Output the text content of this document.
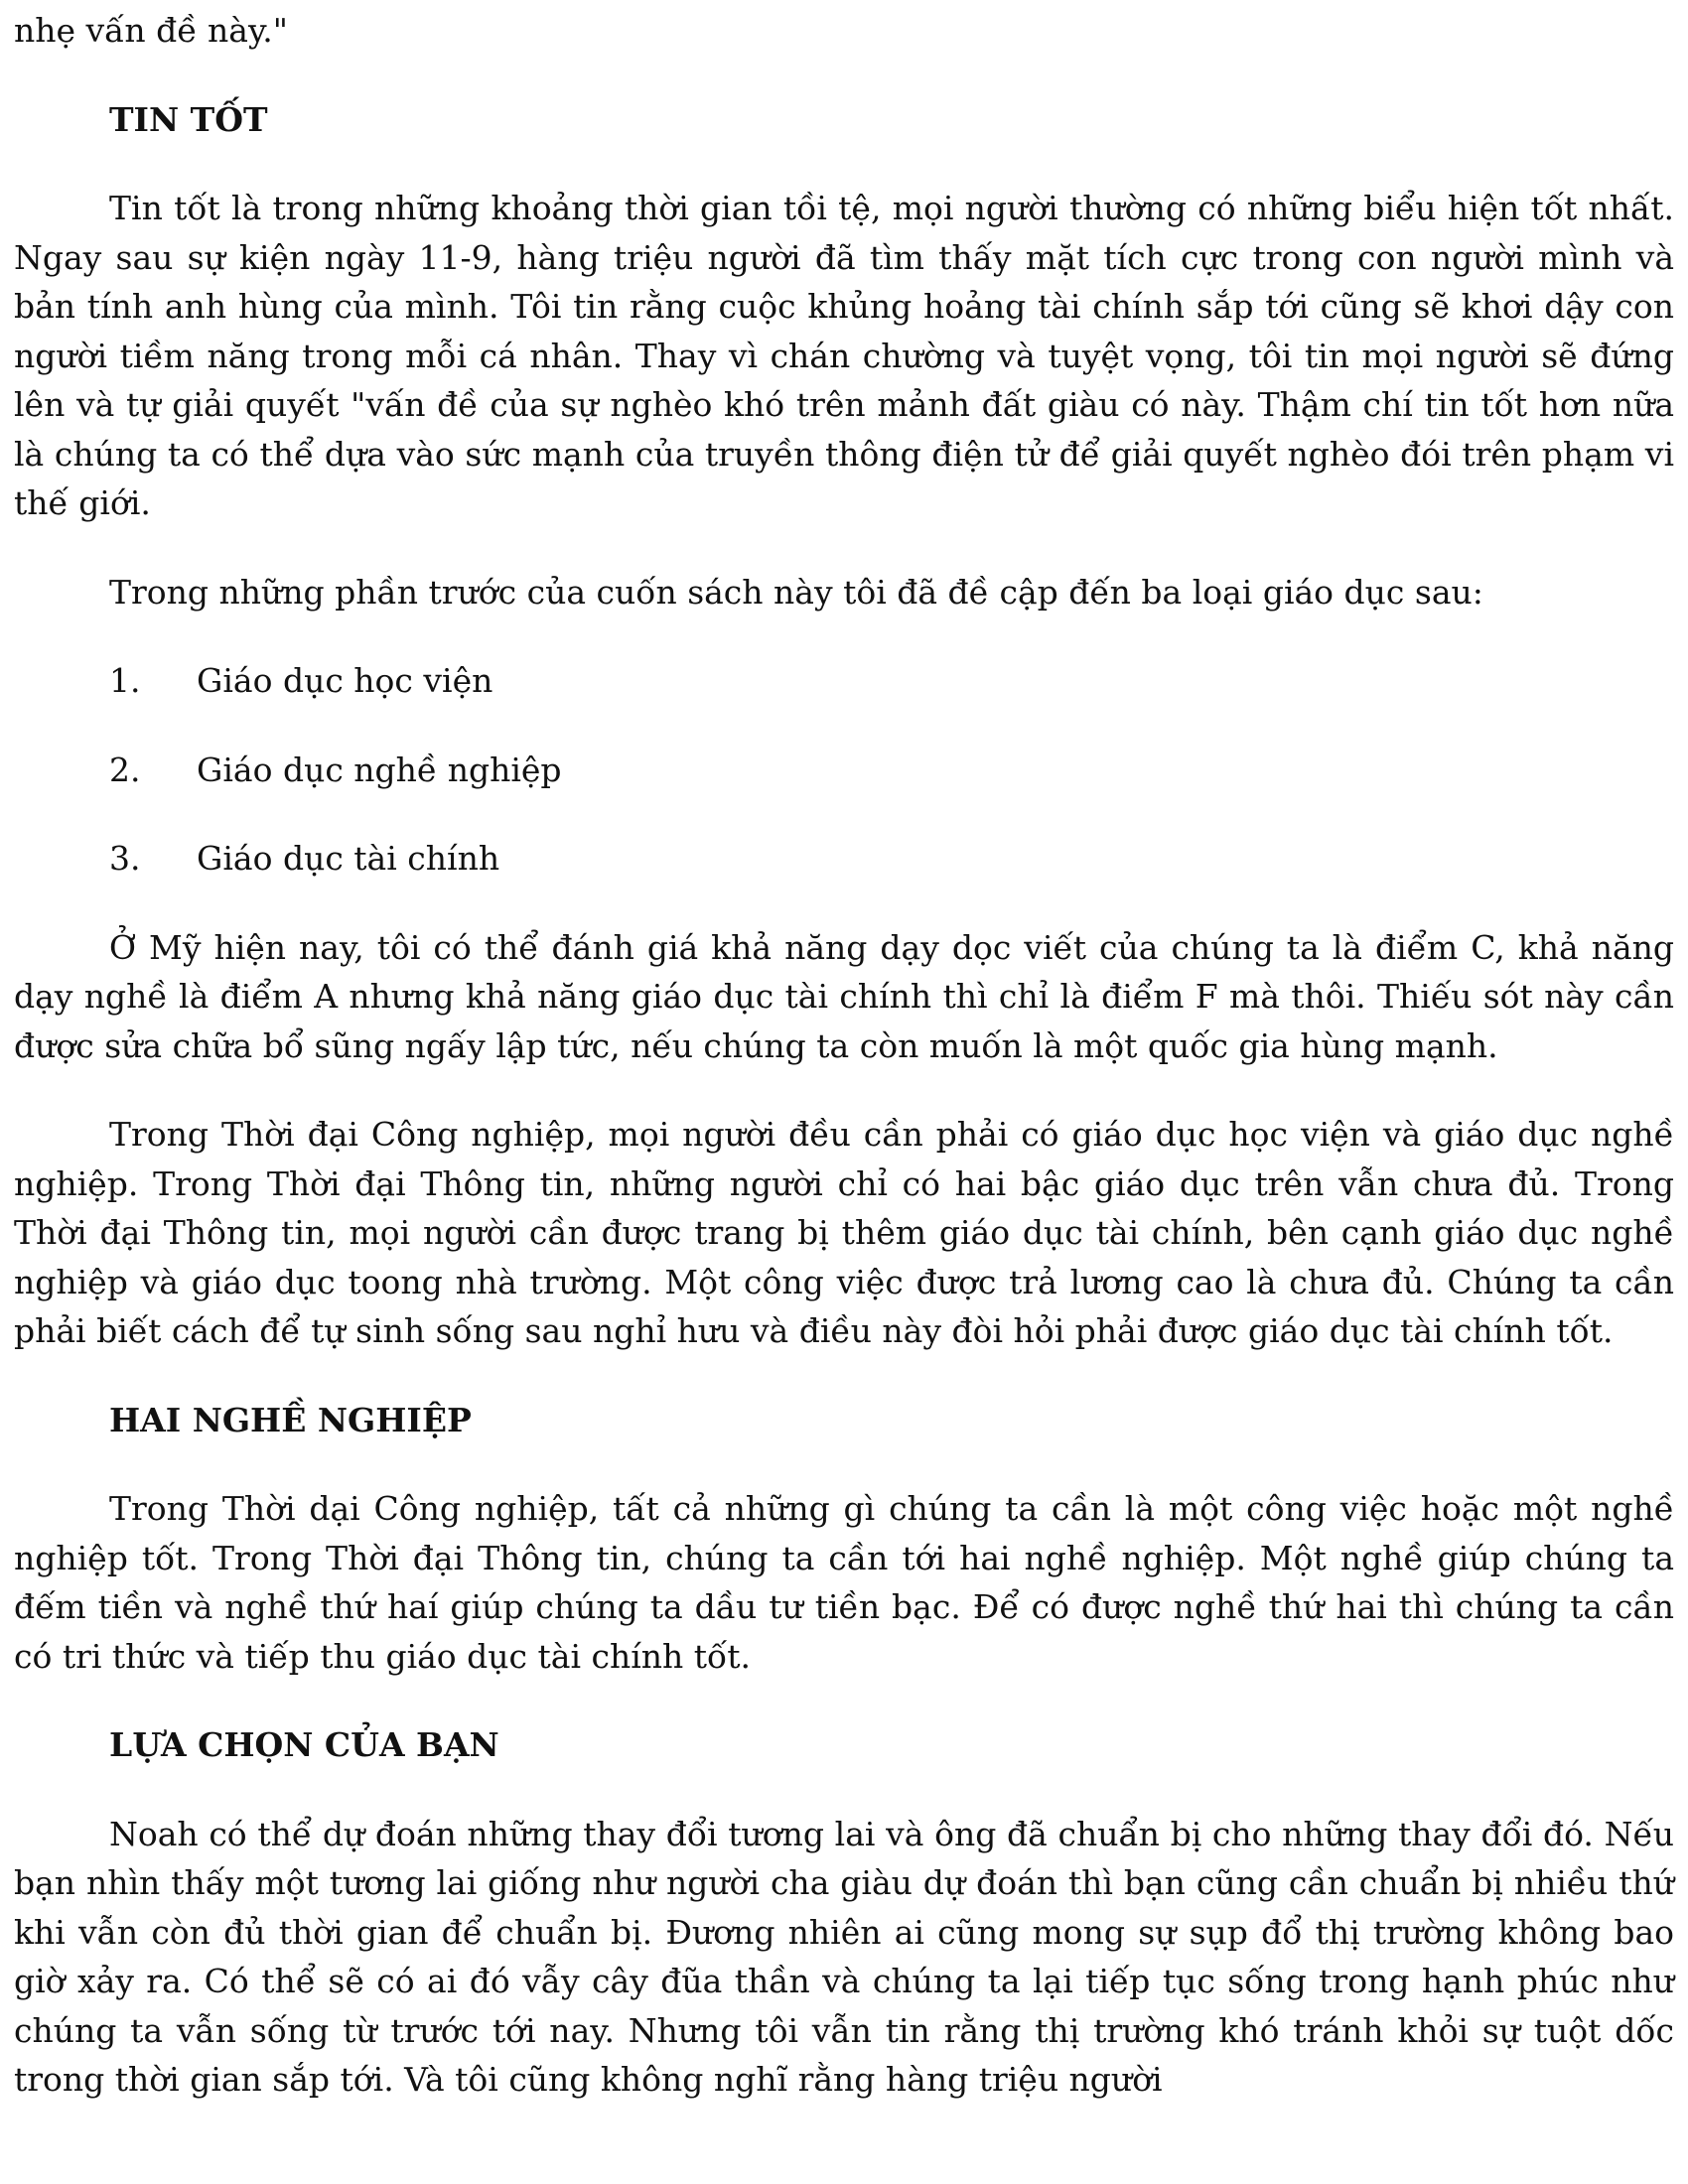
nhẹ vấn đề này."

TIN TỐT

Tin tốt là trong những khoảng thời gian tồi tệ, mọi người thường có những biểu hiện tốt nhất. Ngay sau sự kiện ngày 11-9, hàng triệu người đã tìm thấy mặt tích cực trong con người mình và bản tính anh hùng của mình. Tôi tin rằng cuộc khủng hoảng tài chính sắp tới cũng sẽ khơi dậy con người tiềm năng trong mỗi cá nhân. Thay vì chán chường và tuyệt vọng, tôi tin mọi người sẽ đứng lên và tự giải quyết "vấn đề của sự nghèo khó trên mảnh đất giàu có này. Thậm chí tin tốt hơn nữa là chúng ta có thể dựa vào sức mạnh của truyền thông điện tử để giải quyết nghèo đói trên phạm vi thế giới.

Trong những phần trước của cuốn sách này tôi đã đề cập đến ba loại giáo dục sau:

1.	Giáo dục học viện
2.	Giáo dục nghề nghiệp
3.	Giáo dục tài chính

Ở Mỹ hiện nay, tôi có thể đánh giá khả năng dạy dọc viết của chúng ta là điểm C, khả năng dạy nghề là điểm A nhưng khả năng giáo dục tài chính thì chỉ là điểm F mà thôi. Thiếu sót này cần được sửa chữa bổ sũng ngấy lập tức, nếu chúng ta còn muốn là một quốc gia hùng mạnh.

Trong Thời đại Công nghiệp, mọi người đều cần phải có giáo dục học viện và giáo dục nghề nghiệp. Trong Thời đại Thông tin, những người chỉ có hai bậc giáo dục trên vẫn chưa đủ. Trong Thời đại Thông tin, mọi người cần được trang bị thêm giáo dục tài chính, bên cạnh giáo dục nghề nghiệp và giáo dục toong nhà trường. Một công việc được trả lương cao là chưa đủ. Chúng ta cần phải biết cách để tự sinh sống sau nghỉ hưu và điều này đòi hỏi phải được giáo dục tài chính tốt.

HAI NGHỀ NGHIỆP

Trong Thời dại Công nghiệp, tất cả những gì chúng ta cần là một công việc hoặc một nghề nghiệp tốt. Trong Thời đại Thông tin, chúng ta cần tới hai nghề nghiệp. Một nghề giúp chúng ta đếm tiền và nghề thứ haí giúp chúng ta dầu tư tiền bạc. Để có được nghề thứ hai thì chúng ta cần có tri thức và tiếp thu giáo dục tài chính tốt.

LỰA CHỌN CỦA BẠN

Noah có thể dự đoán những thay đổi tương lai và ông đã chuẩn bị cho những thay đổi đó. Nếu bạn nhìn thấy một tương lai giống như người cha giàu dự đoán thì bạn cũng cần chuẩn bị nhiều thứ khi vẫn còn đủ thời gian để chuẩn bị. Đương nhiên ai cũng mong sự sụp đổ thị trường không bao giờ xảy ra. Có thể sẽ có ai đó vẫy cây đũa thần và chúng ta lại tiếp tục sống trong hạnh phúc như chúng ta vẫn sống từ trước tới nay. Nhưng tôi vẫn tin rằng thị trường khó tránh khỏi sự tuột dốc trong thời gian sắp tới. Và tôi cũng không nghĩ rằng hàng triệu người
